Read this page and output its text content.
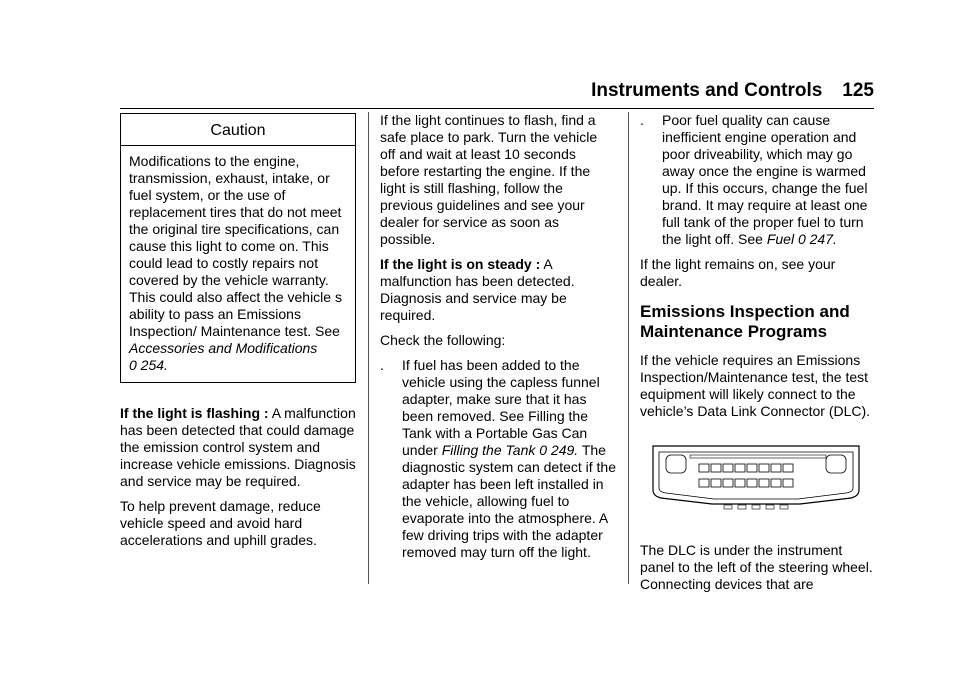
Instruments and Controls 125
Caution
Modifications to the engine, transmission, exhaust, intake, or fuel system, or the use of replacement tires that do not meet the original tire specifications, can cause this light to come on. This could lead to costly repairs not covered by the vehicle warranty. This could also affect the vehicle s ability to pass an Emissions Inspection/ Maintenance test. See
Accessories and Modifications
0 254.

If the light is flashing : A malfunction has been detected that could damage the emission control system and increase vehicle emissions. Diagnosis and service may be required.

To help prevent damage, reduce vehicle speed and avoid hard accelerations and uphill grades.

If the light continues to flash, find a safe place to park. Turn the vehicle off and wait at least 10 seconds before restarting the engine. If the light is still flashing, follow the previous guidelines and see your dealer for service as soon as possible.

If the light is on steady : A malfunction has been detected. Diagnosis and service may be required.

Check the following:

.	If fuel has been added to the vehicle using the capless funnel adapter, make sure that it has been removed. See Filling the Tank with a Portable Gas Can under Filling the Tank 0 249. The diagnostic system can detect if the adapter has been left installed in the vehicle, allowing fuel to evaporate into the atmosphere. A few driving trips with the adapter removed may turn off the light.
.	Poor fuel quality can cause inefficient engine operation and poor driveability, which may go away once the engine is warmed up. If this occurs, change the fuel brand. It may require at least one full tank of the proper fuel to turn the light off. See Fuel 0 247.

If the light remains on, see your dealer.

Emissions Inspection and Maintenance Programs

If the vehicle requires an Emissions Inspection/Maintenance test, the test equipment will likely connect to the vehicle’s Data Link Connector (DLC).

The DLC is under the instrument panel to the left of the steering wheel. Connecting devices that are
